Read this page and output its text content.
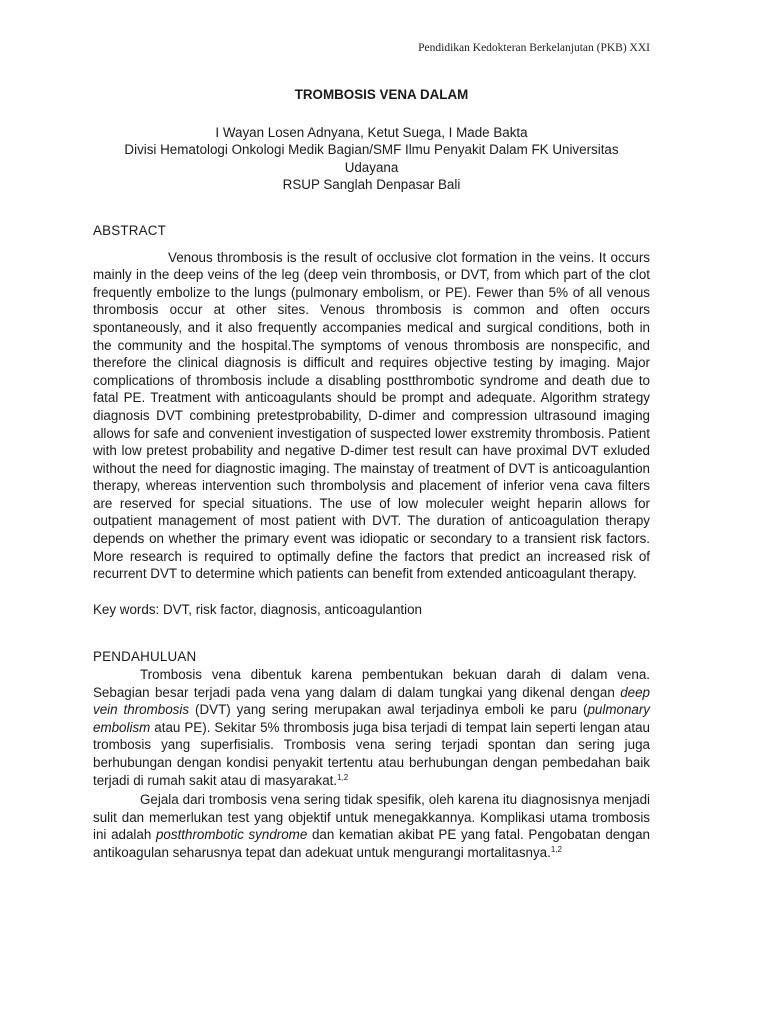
Pendidikan Kedokteran Berkelanjutan (PKB) XXI
TROMBOSIS VENA DALAM
I Wayan Losen Adnyana, Ketut Suega, I Made Bakta
Divisi Hematologi Onkologi Medik Bagian/SMF Ilmu Penyakit Dalam FK Universitas
Udayana
RSUP Sanglah Denpasar Bali
ABSTRACT
Venous thrombosis is the result of occlusive clot formation in the veins. It occurs mainly in the deep veins of the leg (deep vein thrombosis, or DVT, from which part of the clot frequently embolize to the lungs (pulmonary embolism, or PE). Fewer than 5% of all venous thrombosis occur at other sites. Venous thrombosis is common and often occurs spontaneously, and it also frequently accompanies medical and surgical conditions, both in the community and the hospital.The symptoms of venous thrombosis are nonspecific, and therefore the clinical diagnosis is difficult and requires objective testing by imaging. Major complications of thrombosis include a disabling postthrombotic syndrome and death due to fatal PE. Treatment with anticoagulants should be prompt and adequate. Algorithm strategy diagnosis DVT combining pretestprobability, D-dimer and compression ultrasound imaging allows for safe and convenient investigation of suspected lower exstremity thrombosis. Patient with low pretest probability and negative D-dimer test result can have proximal DVT exluded without the need for diagnostic imaging. The mainstay of treatment of DVT is anticoagulantion therapy, whereas intervention such thrombolysis and placement of inferior vena cava filters are reserved for special situations. The use of low moleculer weight heparin allows for outpatient management of most patient with DVT. The duration of anticoagulation therapy depends on whether the primary event was idiopatic or secondary to a transient risk factors. More research is required to optimally define the factors that predict an increased risk of recurrent DVT to determine which patients can benefit from extended anticoagulant therapy.
Key words: DVT, risk factor, diagnosis, anticoagulantion
PENDAHULUAN
Trombosis vena dibentuk karena pembentukan bekuan darah di dalam vena. Sebagian besar terjadi pada vena yang dalam di dalam tungkai yang dikenal dengan deep vein thrombosis (DVT) yang sering merupakan awal terjadinya emboli ke paru (pulmonary embolism atau PE). Sekitar 5% thrombosis juga bisa terjadi di tempat lain seperti lengan atau trombosis yang superfisialis. Trombosis vena sering terjadi spontan dan sering juga berhubungan dengan kondisi penyakit tertentu atau berhubungan dengan pembedahan baik terjadi di rumah sakit atau di masyarakat.$^{1,2}$
Gejala dari trombosis vena sering tidak spesifik, oleh karena itu diagnosisnya menjadi sulit dan memerlukan test yang objektif untuk menegakkannya. Komplikasi utama trombosis ini adalah postthrombotic syndrome dan kematian akibat PE yang fatal. Pengobatan dengan antikoagulan seharusnya tepat dan adekuat untuk mengurangi mortalitasnya.$^{1,2}$
